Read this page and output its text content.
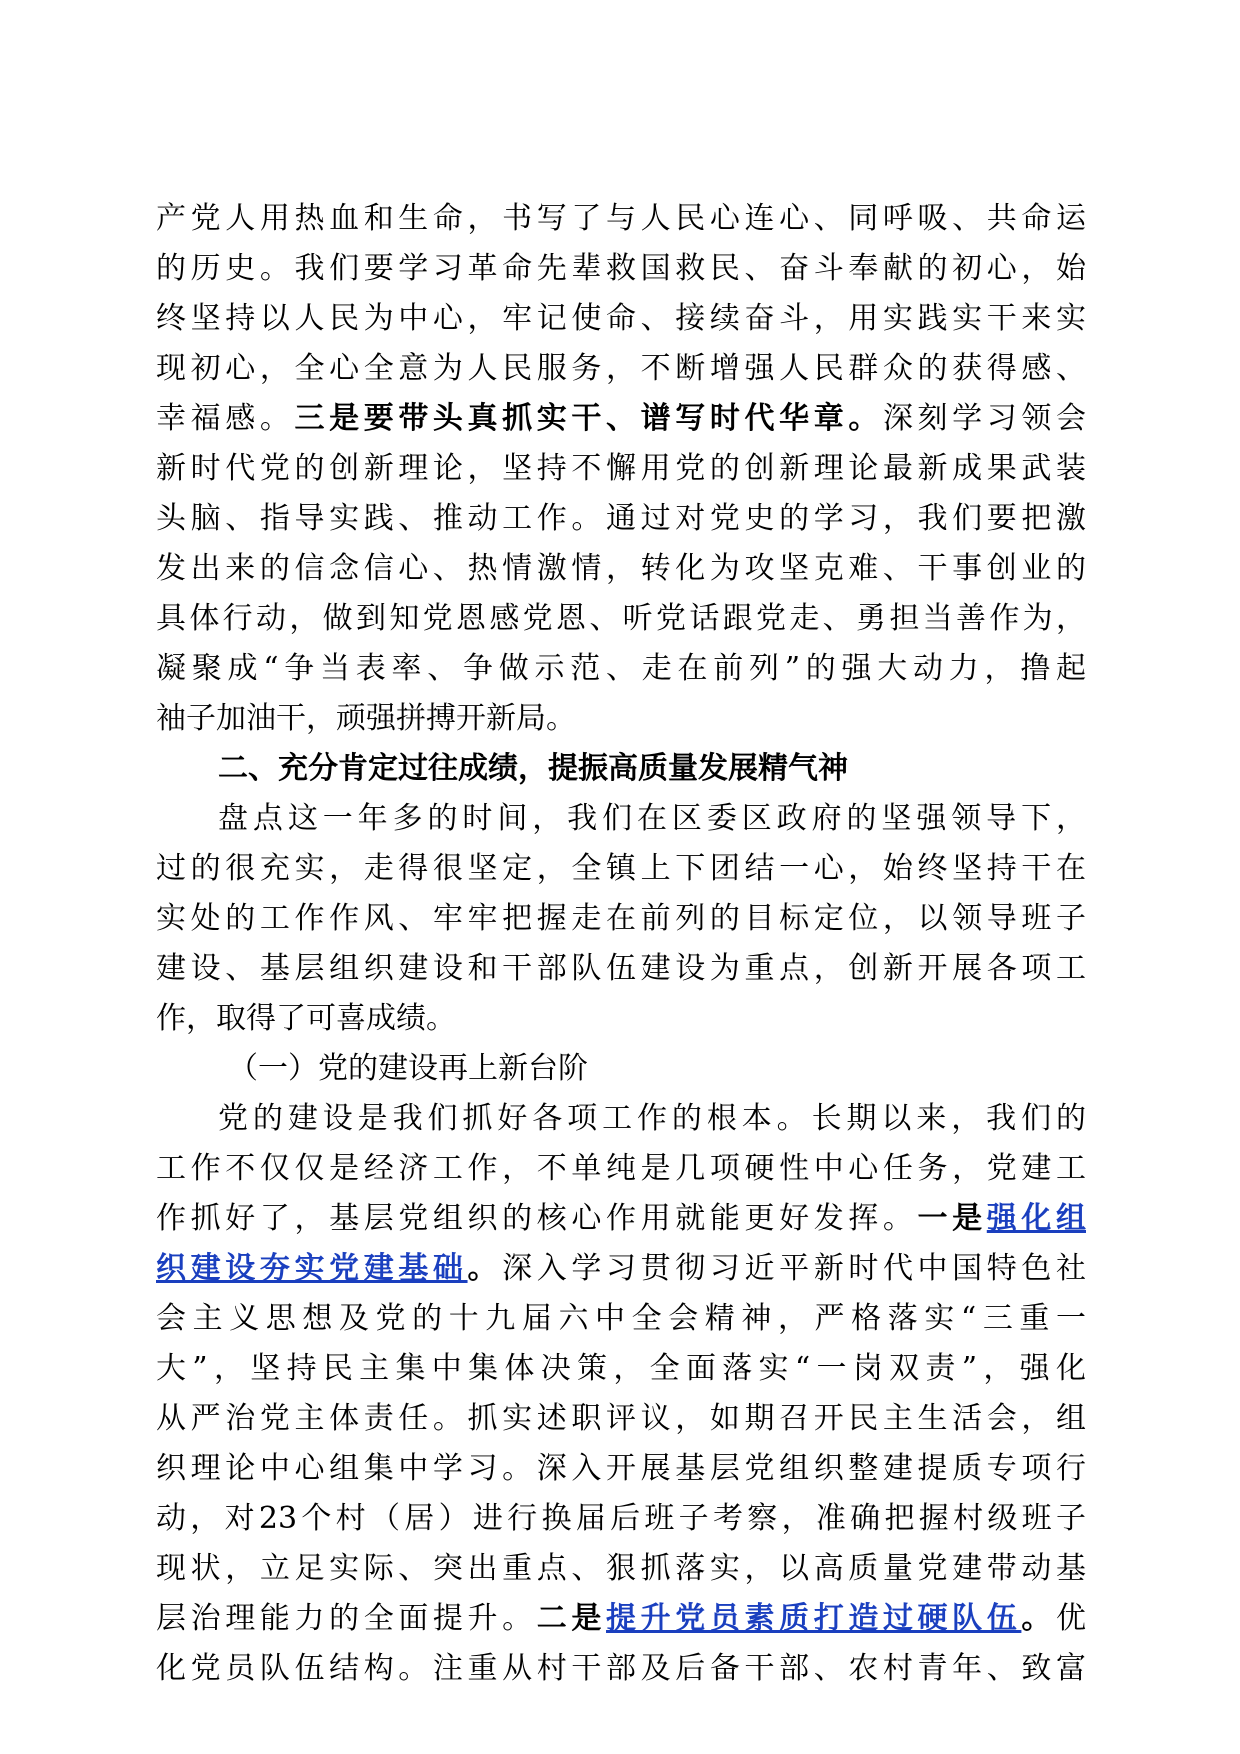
产党人用热血和生命，书写了与人民心连心、同呼吸、共命运
的历史。我们要学习革命先辈救国救民、奋斗奉献的初心，始
终坚持以人民为中心，牢记使命、接续奋斗，用实践实干来实
现初心，全心全意为人民服务，不断增强人民群众的获得感、
幸福感。三是要带头真抓实干、谱写时代华章。深刻学习领会
新时代党的创新理论，坚持不懈用党的创新理论最新成果武装
头脑、指导实践、推动工作。通过对党史的学习，我们要把激
发出来的信念信心、热情激情，转化为攻坚克难、干事创业的
具体行动，做到知党恩感党恩、听党话跟党走、勇担当善作为，
凝聚成“争当表率、争做示范、走在前列”的强大动力，撸起
袖子加油干，顽强拼搏开新局。
二、充分肯定过往成绩，提振高质量发展精气神
盘点这一年多的时间，我们在区委区政府的坚强领导下，
过的很充实，走得很坚定，全镇上下团结一心，始终坚持干在
实处的工作作风、牢牢把握走在前列的目标定位，以领导班子
建设、基层组织建设和干部队伍建设为重点，创新开展各项工
作，取得了可喜成绩。
（一）党的建设再上新台阶
党的建设是我们抓好各项工作的根本。长期以来，我们的
工作不仅仅是经济工作，不单纯是几项硬性中心任务，党建工
作抓好了，基层党组织的核心作用就能更好发挥。一是强化组
织建设夯实党建基础。深入学习贯彻习近平新时代中国特色社
会主义思想及党的十九届六中全会精神，严格落实“三重一
大”，坚持民主集中集体决策，全面落实“一岗双责”，强化
从严治党主体责任。抓实述职评议，如期召开民主生活会，组
织理论中心组集中学习。深入开展基层党组织整建提质专项行
动，对23个村（居）进行换届后班子考察，准确把握村级班子
现状，立足实际、突出重点、狠抓落实，以高质量党建带动基
层治理能力的全面提升。二是提升党员素质打造过硬队伍。优
化党员队伍结构。注重从村干部及后备干部、农村青年、致富
